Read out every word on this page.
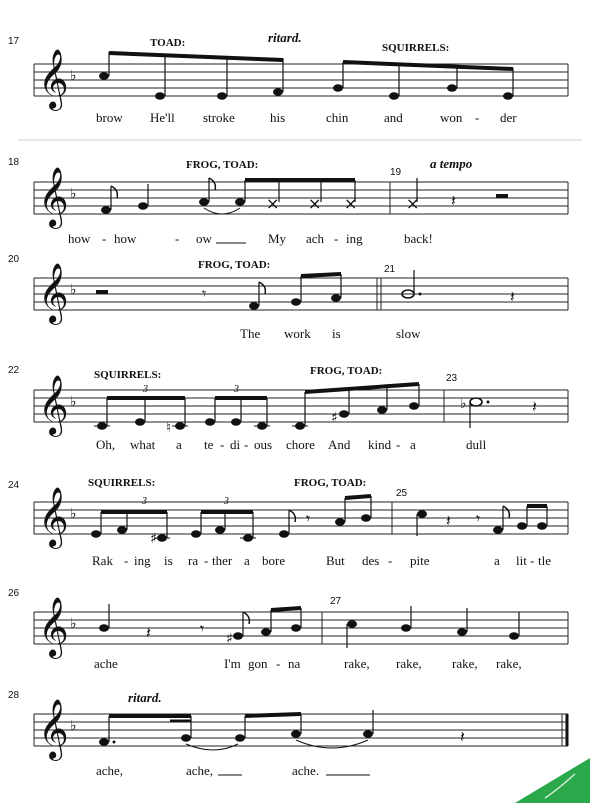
𝄞 ♭
17	TOAD:	ritard.
SQUIRRELS:
brow He'll stroke	his	chin	and	won - der
𝄞 ♭
18
19
FROG, TOAD:	a tempo
× × ×	× 𝄽
how - how	- ow	My ach - ing	back!
𝄞 ♭
20
21
FROG, TOAD:
𝄾	𝄽
The work is	slow
𝄞 ♭
22
23
SQUIRRELS:	FROG, TOAD:
3	3
♮
♯
♭	𝄽
Oh, what a te - di - ous chore And kind - a	dull
𝄞 ♭
24
25
SQUIRRELS:	FROG, TOAD:
3	3
♯
𝄾	𝄽 𝄾
Rak - ing is ra - ther a bore	But des - pite	a lit - tle
𝄞 ♭
26
27
𝄽	𝄾
♯
ache	I'm gon - na	rake, rake, rake, rake,
𝄞 ♭
28	ritard.
𝄽
ache,	ache,	ache.
